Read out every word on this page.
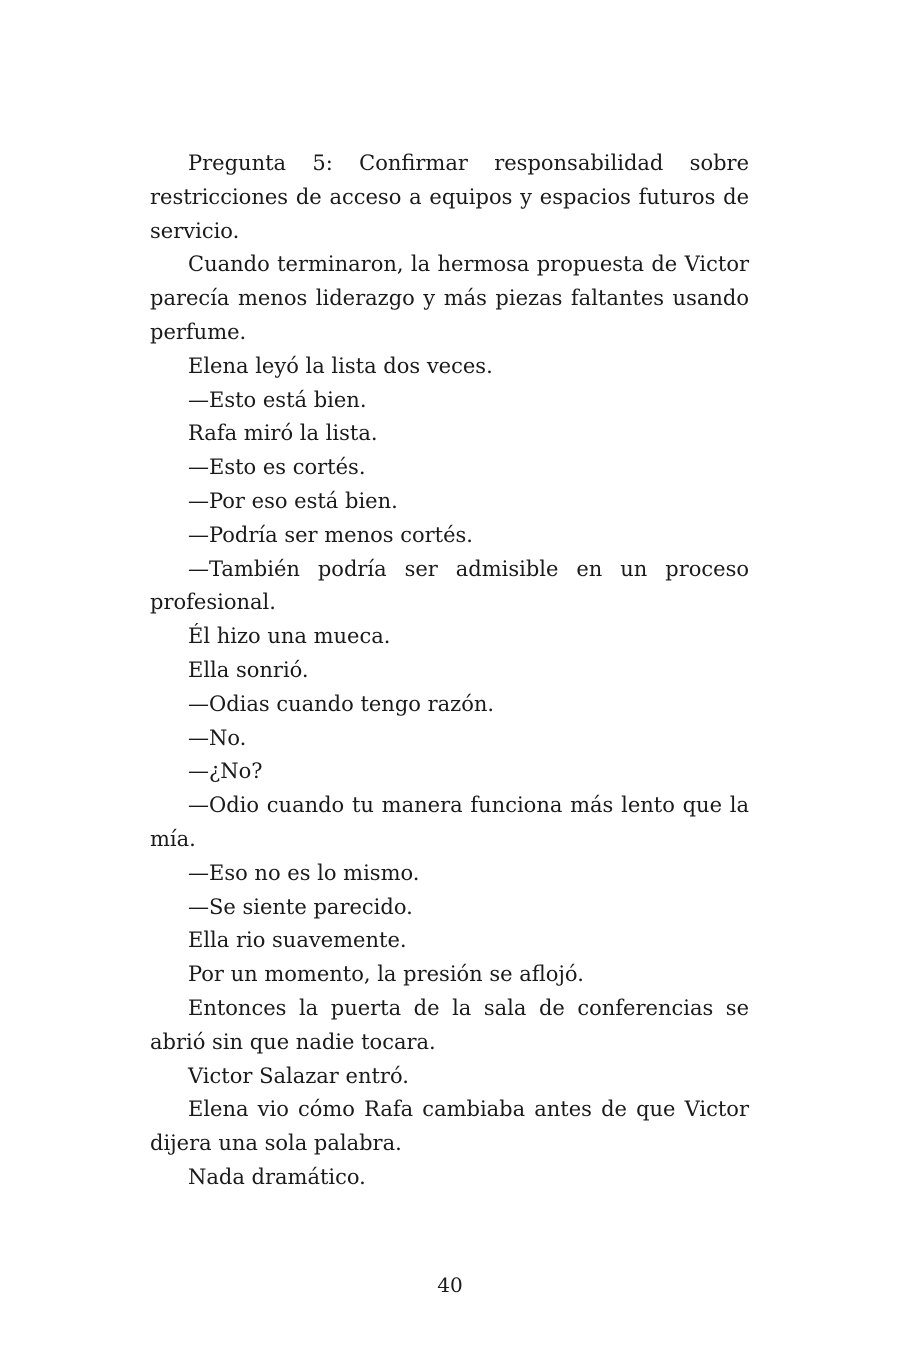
Pregunta 5: Confirmar responsabilidad sobre restricciones de acceso a equipos y espacios futuros de servicio.

Cuando terminaron, la hermosa propuesta de Victor parecía menos liderazgo y más piezas faltantes usando perfume.

Elena leyó la lista dos veces.

—Esto está bien.

Rafa miró la lista.

—Esto es cortés.

—Por eso está bien.

—Podría ser menos cortés.

—También podría ser admisible en un proceso profesional.

Él hizo una mueca.

Ella sonrió.

—Odias cuando tengo razón.

—No.

—¿No?

—Odio cuando tu manera funciona más lento que la mía.

—Eso no es lo mismo.

—Se siente parecido.

Ella rio suavemente.

Por un momento, la presión se aflojó.

Entonces la puerta de la sala de conferencias se abrió sin que nadie tocara.

Victor Salazar entró.

Elena vio cómo Rafa cambiaba antes de que Victor dijera una sola palabra.

Nada dramático.

40
